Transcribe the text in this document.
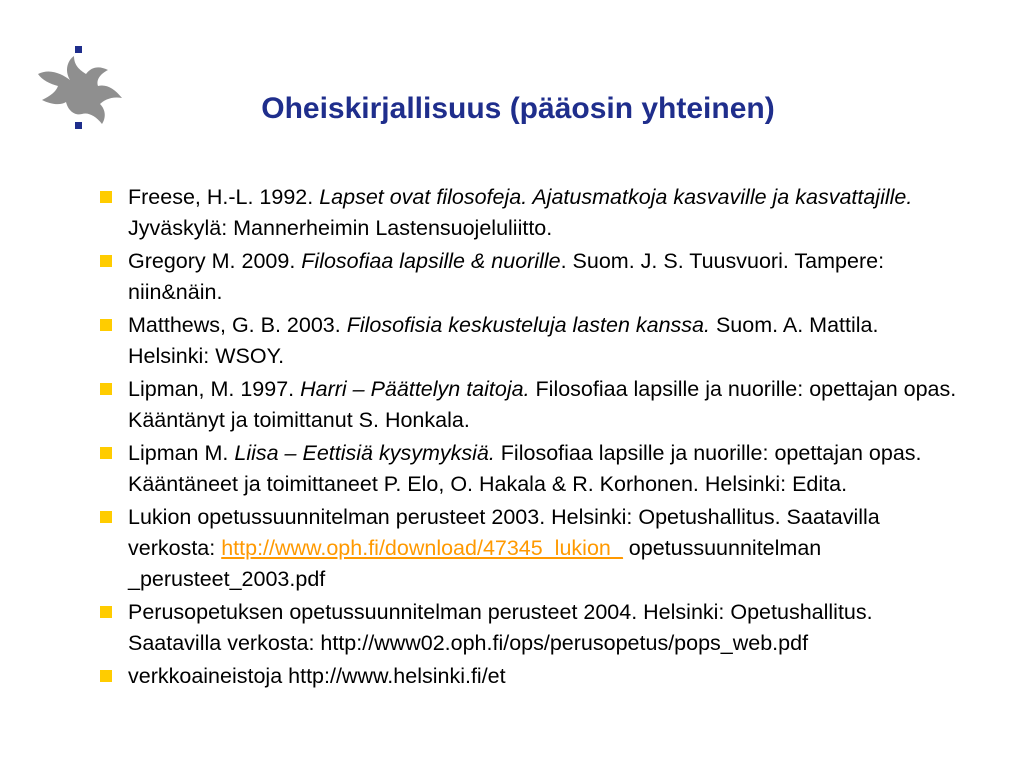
Oheiskirjallisuus (pääosin yhteinen)
Freese, H.-L. 1992. Lapset ovat filosofeja. Ajatusmatkoja kasvaville ja kasvattajille. Jyväskylä: Mannerheimin Lastensuojeluliitto.
Gregory M. 2009. Filosofiaa lapsille & nuorille. Suom. J. S. Tuusvuori. Tampere: niin&näin.
Matthews, G. B. 2003. Filosofisia keskusteluja lasten kanssa. Suom. A. Mattila. Helsinki: WSOY.
Lipman, M. 1997. Harri – Päättelyn taitoja. Filosofiaa lapsille ja nuorille: opettajan opas. Kääntänyt ja toimittanut S. Honkala.
Lipman M. Liisa – Eettisiä kysymyksiä. Filosofiaa lapsille ja nuorille: opettajan opas. Kääntäneet ja toimittaneet P. Elo, O. Hakala & R. Korhonen. Helsinki: Edita.
Lukion opetussuunnitelman perusteet 2003. Helsinki: Opetushallitus. Saatavilla verkosta: http://www.oph.fi/download/47345_lukion_ opetussuunnitelman _perusteet_2003.pdf
Perusopetuksen opetussuunnitelman perusteet 2004. Helsinki: Opetushallitus. Saatavilla verkosta: http://www02.oph.fi/ops/perusopetus/pops_web.pdf
verkkoaineistoja http://www.helsinki.fi/et
